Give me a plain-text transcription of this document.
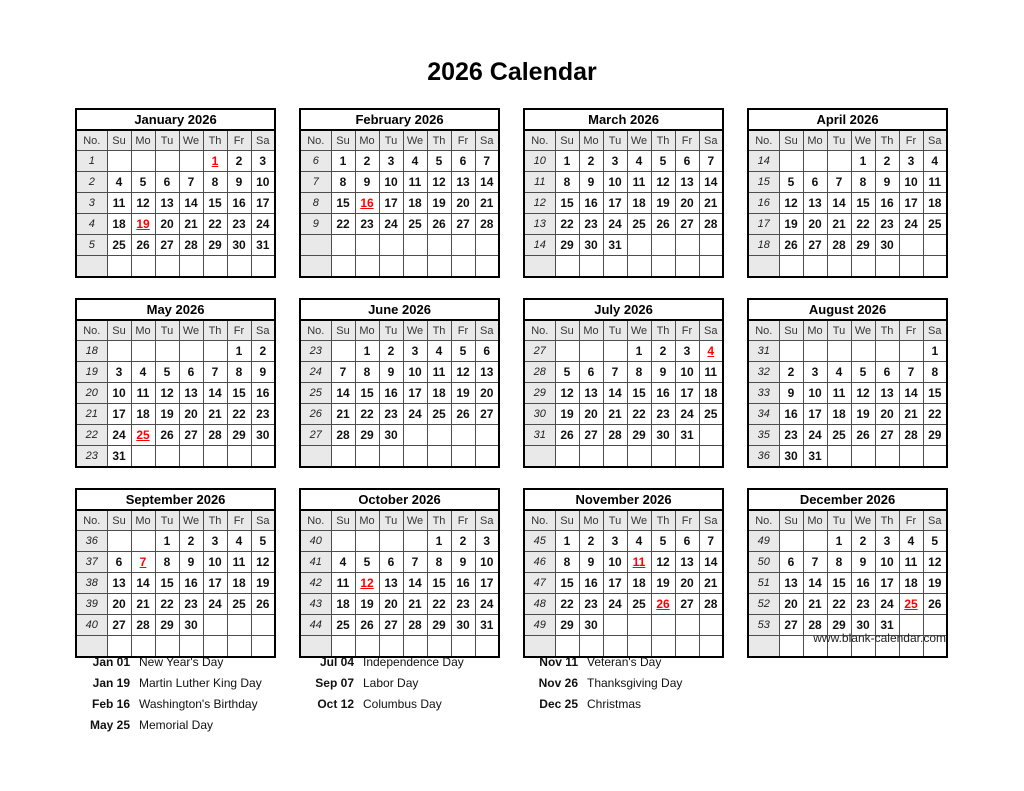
2026 Calendar
January 2026							
No.	Su	Mo	Tu	We	Th	Fr	Sa
1					1	2	3
2	4	5	6	7	8	9	10
3	11	12	13	14	15	16	17
4	18	19	20	21	22	23	24
5	25	26	27	28	29	30	31

February 2026							
No.	Su	Mo	Tu	We	Th	Fr	Sa
6	1	2	3	4	5	6	7
7	8	9	10	11	12	13	14
8	15	16	17	18	19	20	21
9	22	23	24	25	26	27	28

March 2026							
No.	Su	Mo	Tu	We	Th	Fr	Sa
10	1	2	3	4	5	6	7
11	8	9	10	11	12	13	14
12	15	16	17	18	19	20	21
13	22	23	24	25	26	27	28
14	29	30	31				

April 2026							
No.	Su	Mo	Tu	We	Th	Fr	Sa
14				1	2	3	4
15	5	6	7	8	9	10	11
16	12	13	14	15	16	17	18
17	19	20	21	22	23	24	25
18	26	27	28	29	30		

May 2026							
No.	Su	Mo	Tu	We	Th	Fr	Sa
18						1	2
19	3	4	5	6	7	8	9
20	10	11	12	13	14	15	16
21	17	18	19	20	21	22	23
22	24	25	26	27	28	29	30
23	31						
June 2026							
No.	Su	Mo	Tu	We	Th	Fr	Sa
23		1	2	3	4	5	6
24	7	8	9	10	11	12	13
25	14	15	16	17	18	19	20
26	21	22	23	24	25	26	27
27	28	29	30				

July 2026							
No.	Su	Mo	Tu	We	Th	Fr	Sa
27				1	2	3	4
28	5	6	7	8	9	10	11
29	12	13	14	15	16	17	18
30	19	20	21	22	23	24	25
31	26	27	28	29	30	31	

August 2026							
No.	Su	Mo	Tu	We	Th	Fr	Sa
31							1
32	2	3	4	5	6	7	8
33	9	10	11	12	13	14	15
34	16	17	18	19	20	21	22
35	23	24	25	26	27	28	29
36	30	31					
September 2026							
No.	Su	Mo	Tu	We	Th	Fr	Sa
36			1	2	3	4	5
37	6	7	8	9	10	11	12
38	13	14	15	16	17	18	19
39	20	21	22	23	24	25	26
40	27	28	29	30			

October 2026							
No.	Su	Mo	Tu	We	Th	Fr	Sa
40					1	2	3
41	4	5	6	7	8	9	10
42	11	12	13	14	15	16	17
43	18	19	20	21	22	23	24
44	25	26	27	28	29	30	31

November 2026							
No.	Su	Mo	Tu	We	Th	Fr	Sa
45	1	2	3	4	5	6	7
46	8	9	10	11	12	13	14
47	15	16	17	18	19	20	21
48	22	23	24	25	26	27	28
49	29	30					

December 2026							
No.	Su	Mo	Tu	We	Th	Fr	Sa
49			1	2	3	4	5
50	6	7	8	9	10	11	12
51	13	14	15	16	17	18	19
52	20	21	22	23	24	25	26
53	27	28	29	30	31		

www.blank-calendar.com
Jan 01 New Year's Day
Jan 19 Martin Luther King Day
Feb 16 Washington's Birthday
May 25 Memorial Day
Jul 04 Independence Day
Sep 07 Labor Day
Oct 12 Columbus Day
Nov 11 Veteran's Day
Nov 26 Thanksgiving Day
Dec 25 Christmas
